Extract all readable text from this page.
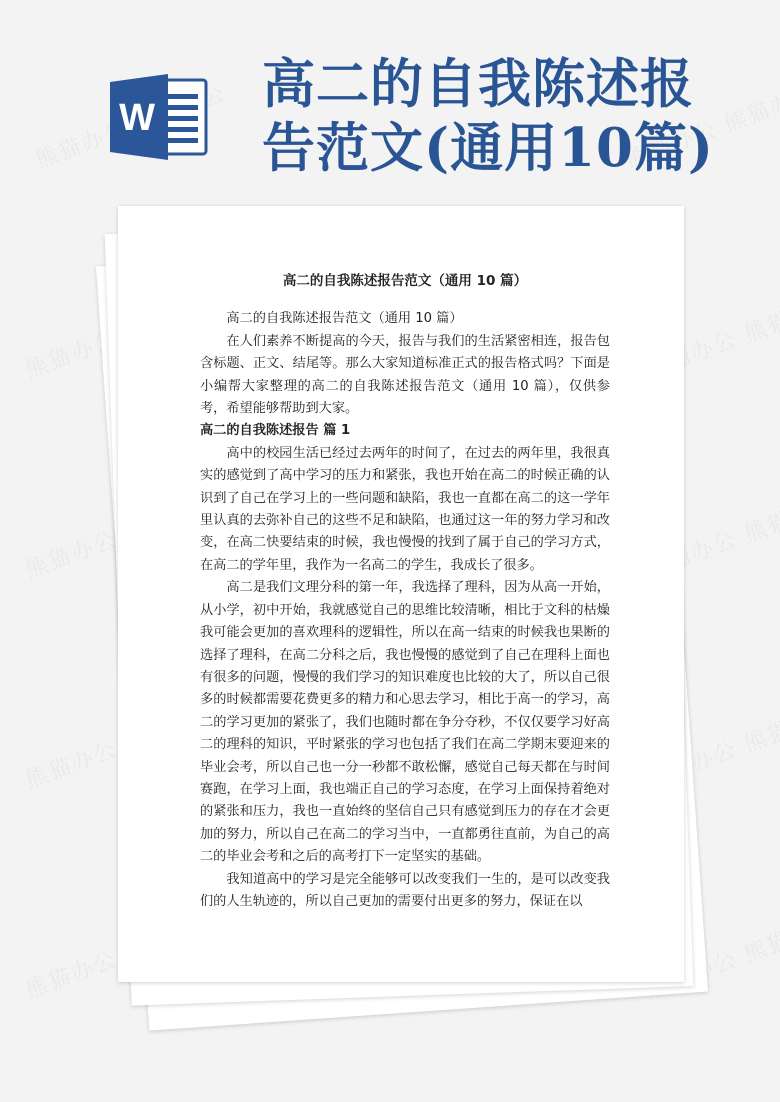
W
高二的自我陈述报
告范文(通用10篇)
高二的自我陈述报告范文（通用 10 篇）

高二的自我陈述报告范文（通用 10 篇）

在人们素养不断提高的今天，报告与我们的生活紧密相连，报告包含标题、正文、结尾等。那么大家知道标准正式的报告格式吗？下面是小编帮大家整理的高二的自我陈述报告范文（通用 10 篇），仅供参考，希望能够帮助到大家。

高二的自我陈述报告 篇 1

高中的校园生活已经过去两年的时间了，在过去的两年里，我很真实的感觉到了高中学习的压力和紧张，我也开始在高二的时候正确的认识到了自己在学习上的一些问题和缺陷，我也一直都在高二的这一学年里认真的去弥补自己的这些不足和缺陷，也通过这一年的努力学习和改变，在高二快要结束的时候，我也慢慢的找到了属于自己的学习方式，在高二的学年里，我作为一名高二的学生，我成长了很多。

高二是我们文理分科的第一年，我选择了理科，因为从高一开始，从小学，初中开始，我就感觉自己的思维比较清晰，相比于文科的枯燥我可能会更加的喜欢理科的逻辑性，所以在高一结束的时候我也果断的选择了理科，在高二分科之后，我也慢慢的感觉到了自己在理科上面也有很多的问题，慢慢的我们学习的知识难度也比较的大了，所以自己很多的时候都需要花费更多的精力和心思去学习，相比于高一的学习，高二的学习更加的紧张了，我们也随时都在争分夺秒，不仅仅要学习好高二的理科的知识，平时紧张的学习也包括了我们在高二学期末要迎来的毕业会考，所以自己也一分一秒都不敢松懈，感觉自己每天都在与时间赛跑，在学习上面，我也端正自己的学习态度，在学习上面保持着绝对的紧张和压力，我也一直始终的坚信自己只有感觉到压力的存在才会更加的努力，所以自己在高二的学习当中，一直都勇往直前，为自己的高二的毕业会考和之后的高考打下一定坚实的基础。

我知道高中的学习是完全能够可以改变我们一生的，是可以改变我们的人生轨迹的，所以自己更加的需要付出更多的努力，保证在以
